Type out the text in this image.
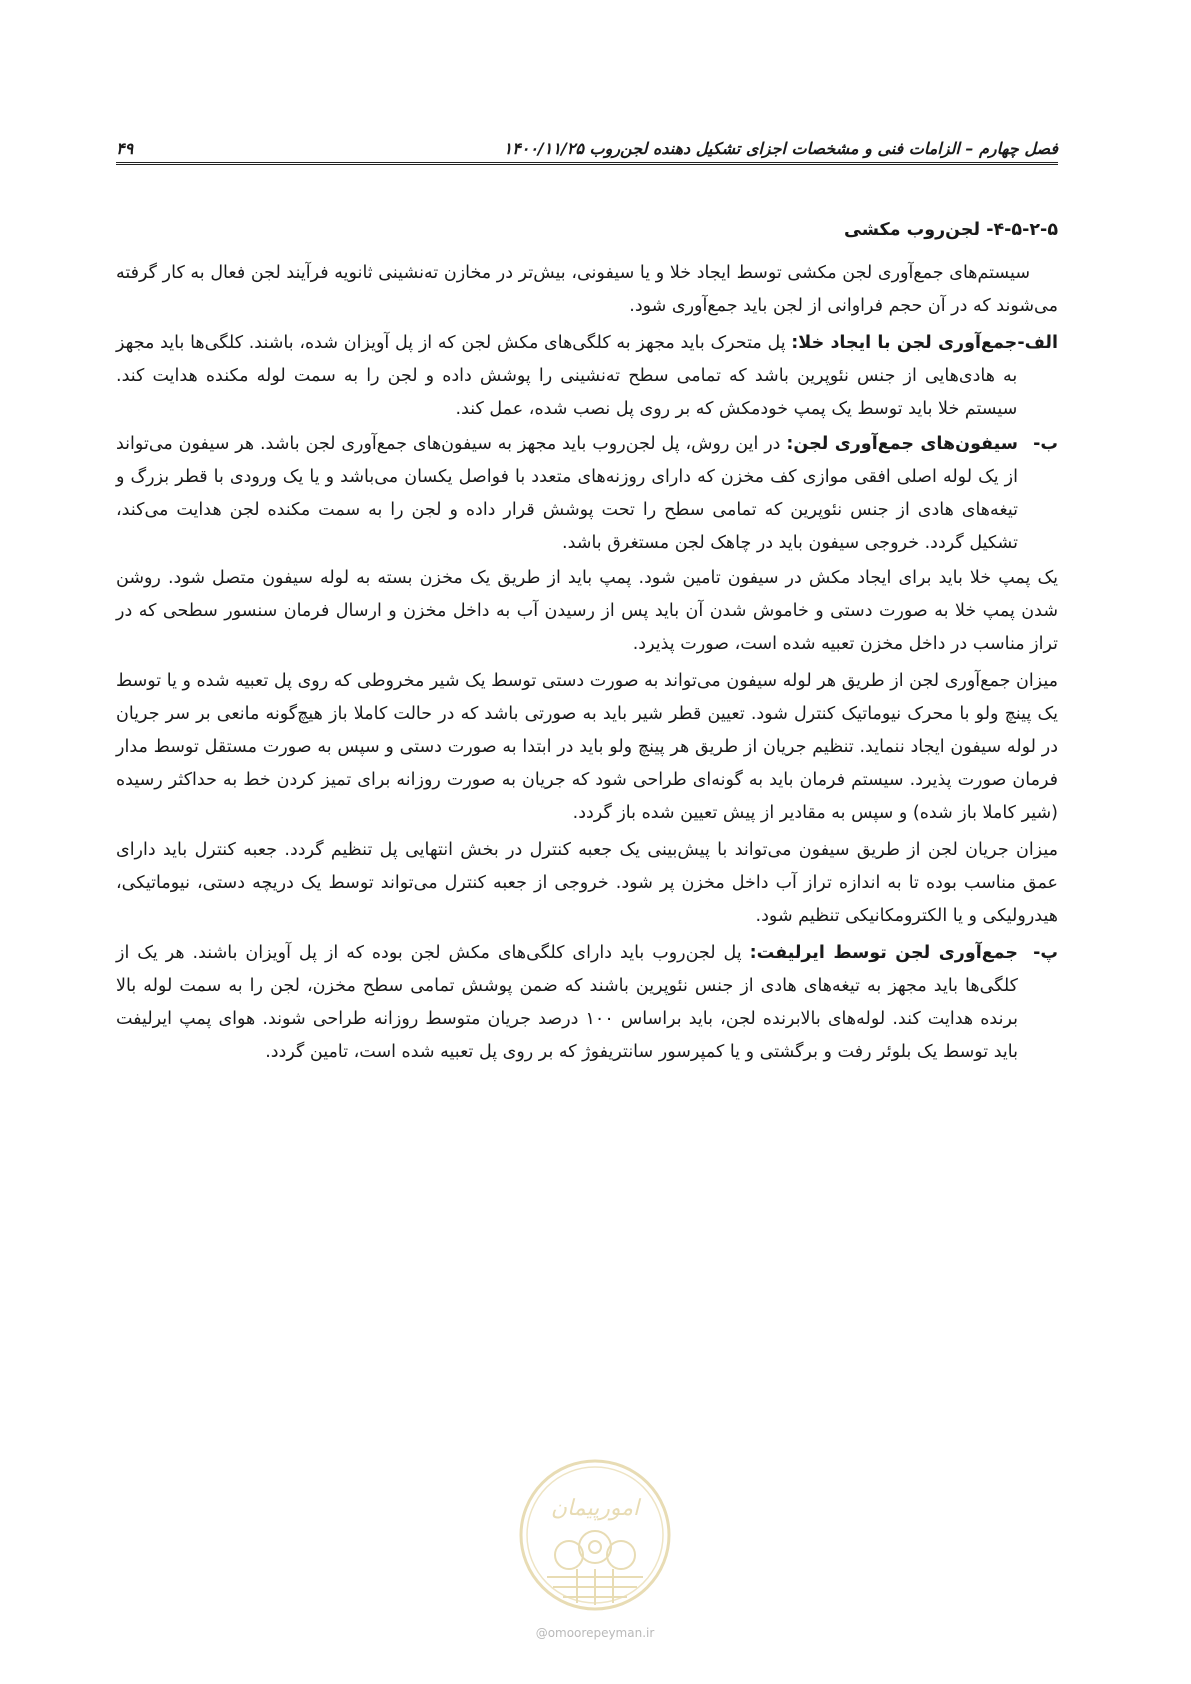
۴۹	فصل چهارم – الزامات فنی و مشخصات اجزای تشکیل دهنده لجن‌روب ۱۴۰۰/۱۱/۲۵
۴-۵-۲-۵- لجن‌روب مکشی

سیستم‌های جمع‌آوری لجن مکشی توسط ایجاد خلا و یا سیفونی، بیش‌تر در مخازن ته‌نشینی ثانویه فرآیند لجن فعال به کار گرفته می‌شوند که در آن حجم فراوانی از لجن باید جمع‌آوری شود.

الف-

جمع‌آوری لجن با ایجاد خلا: پل متحرک باید مجهز به کلگی‌های مکش لجن که از پل آویزان شده، باشند. کلگی‌ها باید مجهز به هادی‌هایی از جنس نئوپرین باشد که تمامی سطح ته‌نشینی را پوشش داده و لجن را به سمت لوله مکنده هدایت کند. سیستم خلا باید توسط یک پمپ خودمکش که بر روی پل نصب شده، عمل کند.

ب-

سیفون‌های جمع‌آوری لجن: در این روش، پل لجن‌روب باید مجهز به سیفون‌های جمع‌آوری لجن باشد. هر سیفون می‌تواند از یک لوله اصلی افقی موازی کف مخزن که دارای روزنه‌های متعدد با فواصل یکسان می‌باشد و یا یک ورودی با قطر بزرگ و تیغه‌های هادی از جنس نئوپرین که تمامی سطح را تحت پوشش قرار داده و لجن را به سمت مکنده لجن هدایت می‌کند، تشکیل گردد. خروجی سیفون باید در چاهک لجن مستغرق باشد.

یک پمپ خلا باید برای ایجاد مکش در سیفون تامین شود. پمپ باید از طریق یک مخزن بسته به لوله سیفون متصل شود. روشن شدن پمپ خلا به صورت دستی و خاموش شدن آن باید پس از رسیدن آب به داخل مخزن و ارسال فرمان سنسور سطحی که در تراز مناسب در داخل مخزن تعبیه شده است، صورت پذیرد.

میزان جمع‌آوری لجن از طریق هر لوله سیفون می‌تواند به صورت دستی توسط یک شیر مخروطی که روی پل تعبیه شده و یا توسط یک پینچ ولو با محرک نیوماتیک کنترل شود. تعیین قطر شیر باید به صورتی باشد که در حالت کاملا باز هیچ‌گونه مانعی بر سر جریان در لوله سیفون ایجاد ننماید. تنظیم جریان از طریق هر پینچ ولو باید در ابتدا به صورت دستی و سپس به صورت مستقل توسط مدار فرمان صورت پذیرد. سیستم فرمان باید به گونه‌ای طراحی شود که جریان به صورت روزانه برای تمیز کردن خط به حداکثر رسیده (شیر کاملا باز شده) و سپس به مقادیر از پیش تعیین شده باز گردد.

میزان جریان لجن از طریق سیفون می‌تواند با پیش‌بینی یک جعبه کنترل در بخش انتهایی پل تنظیم گردد. جعبه کنترل باید دارای عمق مناسب بوده تا به اندازه تراز آب داخل مخزن پر شود. خروجی از جعبه کنترل می‌تواند توسط یک دریچه دستی، نیوماتیکی، هیدرولیکی و یا الکترومکانیکی تنظیم شود.

پ-

جمع‌آوری لجن توسط ایرلیفت: پل لجن‌روب باید دارای کلگی‌های مکش لجن بوده که از پل آویزان باشند. هر یک از کلگی‌ها باید مجهز به تیغه‌های هادی از جنس نئوپرین باشند که ضمن پوشش تمامی سطح مخزن، لجن را به سمت لوله بالا برنده هدایت کند. لوله‌های بالابرنده لجن، باید براساس ۱۰۰ درصد جریان متوسط روزانه طراحی شوند. هوای پمپ ایرلیفت باید توسط یک بلوئر رفت و برگشتی و یا کمپرسور سانتریفوژ که بر روی پل تعبیه شده است، تامین گردد.

امورپیمان
@omoorepeyman.ir
